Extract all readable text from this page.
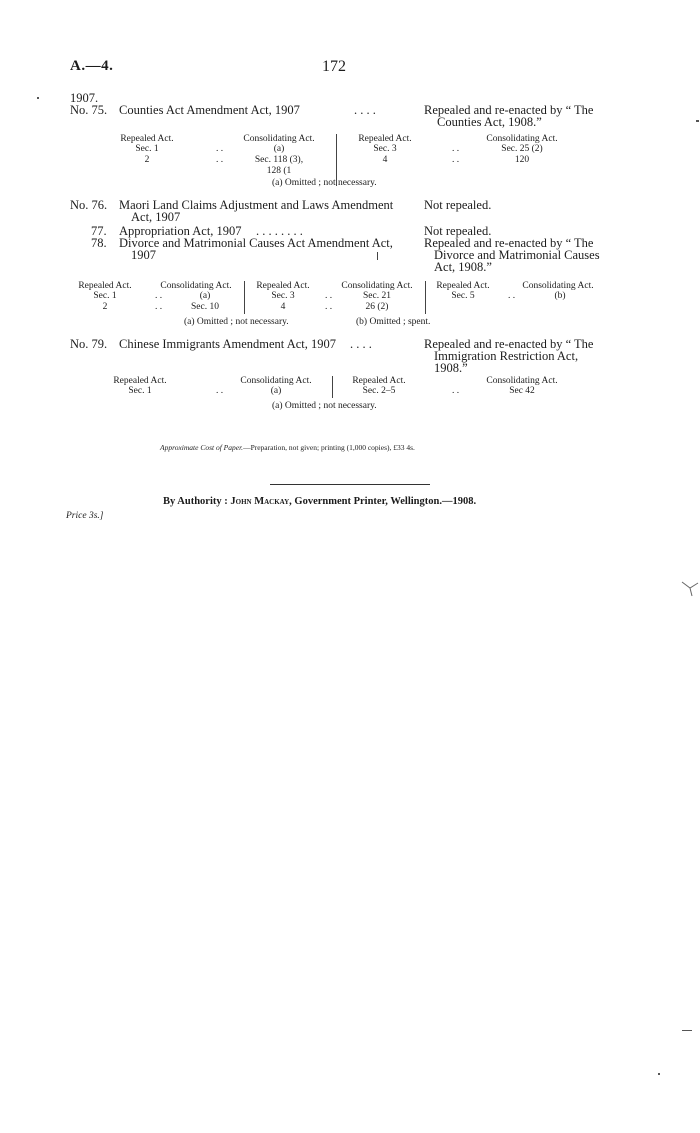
A.—4.	172
1907.
No. 75. Counties Act Amendment Act, 1907	. . . .	Repealed and re-enacted by “ The
Counties Act, 1908.”
Repealed Act.	Consolidating Act.	Repealed Act.	Consolidating Act.
Sec. 1	. .	(a)	Sec. 3	. .	Sec. 25 (2)
2	. .	Sec. 118 (3),	4	. .	120
128 (1
(a) Omitted ; not necessary.
No. 76. Maori Land Claims Adjustment and Laws Amendment
Act, 1907
Not repealed.
77. Appropriation Act, 1907 . . . . . . . .	Not repealed.
78. Divorce and Matrimonial Causes Act Amendment Act,
1907
Repealed and re-enacted by “ The
Divorce and Matrimonial Causes
Act, 1908.”
Repealed Act.	Consolidating Act.	Repealed Act.	Consolidating Act.	Repealed Act.	Consolidating Act.
Sec. 1	. .	(a)	Sec. 3	. .	Sec. 21	Sec. 5	. .	(b)
2	. .	Sec. 10	4	. .	26 (2)
(a) Omitted ; not necessary.	(b) Omitted ; spent.
No. 79. Chinese Immigrants Amendment Act, 1907 . . . .	Repealed and re-enacted by “ The
Immigration Restriction Act,
1908.”
Repealed Act.	Consolidating Act.	Repealed Act.	Consolidating Act.
Sec. 1	. .	(a)	Sec. 2–5	. .	Sec 42
(a) Omitted ; not necessary.
Approximate Cost of Paper.—Preparation, not given; printing (1,000 copies), £33 4s.
By Authority : John Mackay, Government Printer, Wellington.—1908.
Price 3s.]
